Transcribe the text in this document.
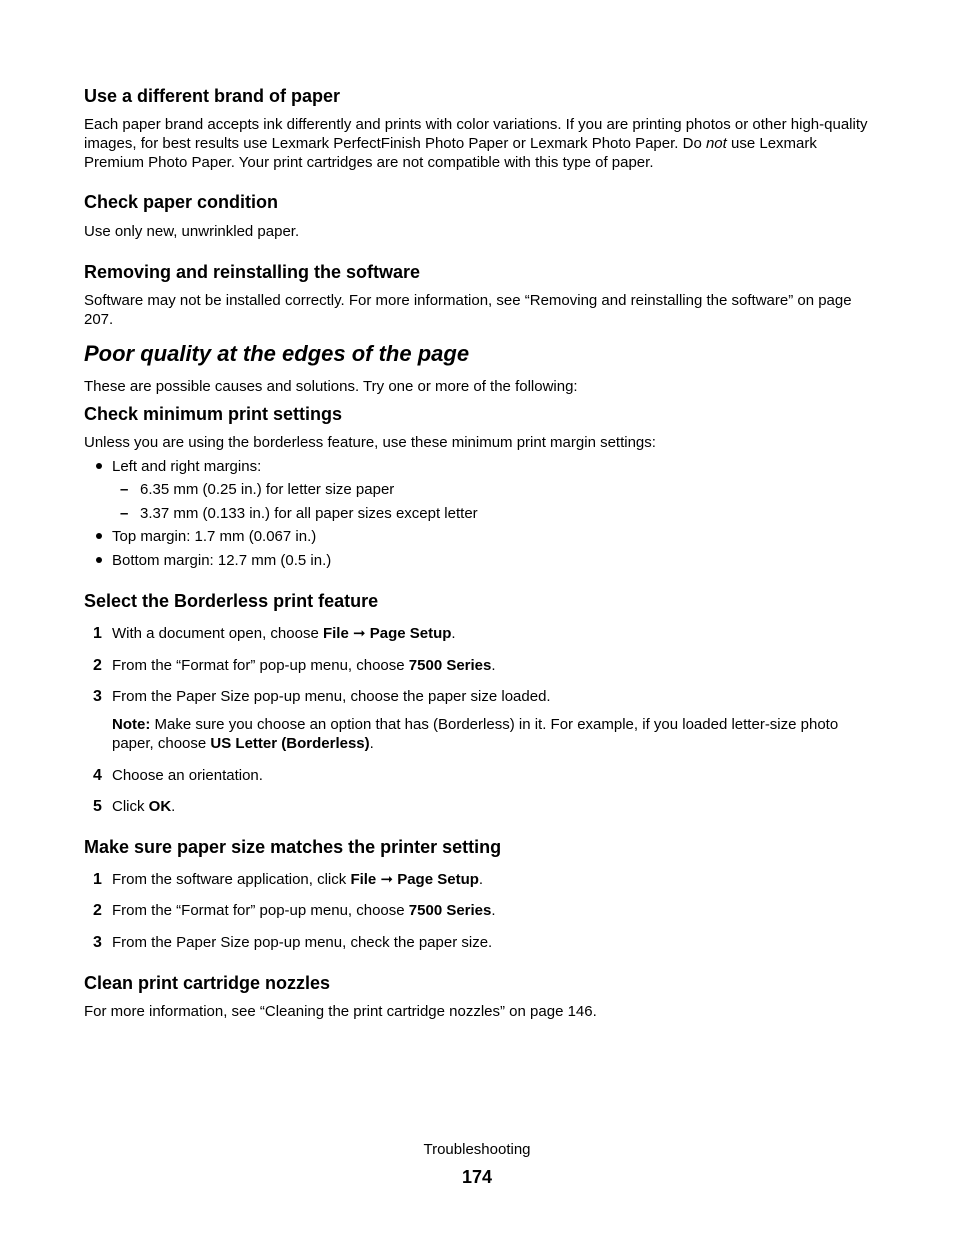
Use a different brand of paper

Each paper brand accepts ink differently and prints with color variations. If you are printing photos or other high-quality images, for best results use Lexmark PerfectFinish Photo Paper or Lexmark Photo Paper. Do not use Lexmark Premium Photo Paper. Your print cartridges are not compatible with this type of paper.

Check paper condition

Use only new, unwrinkled paper.

Removing and reinstalling the software

Software may not be installed correctly. For more information, see “Removing and reinstalling the software” on page 207.

Poor quality at the edges of the page

These are possible causes and solutions. Try one or more of the following:

Check minimum print settings

Unless you are using the borderless feature, use these minimum print margin settings:

Left and right margins:
– 6.35 mm (0.25 in.) for letter size paper
– 3.37 mm (0.133 in.) for all paper sizes except letter
Top margin: 1.7 mm (0.067 in.)
Bottom margin: 12.7 mm (0.5 in.)
Select the Borderless print feature
1 With a document open, choose File ➞ Page Setup.
2 From the “Format for” pop-up menu, choose 7500 Series.
3 From the Paper Size pop-up menu, choose the paper size loaded.

Note: Make sure you choose an option that has (Borderless) in it. For example, if you loaded letter-size photo paper, choose US Letter (Borderless).

4 Choose an orientation.
5 Click OK.
Make sure paper size matches the printer setting
1 From the software application, click File ➞ Page Setup.
2 From the “Format for” pop-up menu, choose 7500 Series.
3 From the Paper Size pop-up menu, check the paper size.
Clean print cartridge nozzles

For more information, see “Cleaning the print cartridge nozzles” on page 146.

Troubleshooting
174
